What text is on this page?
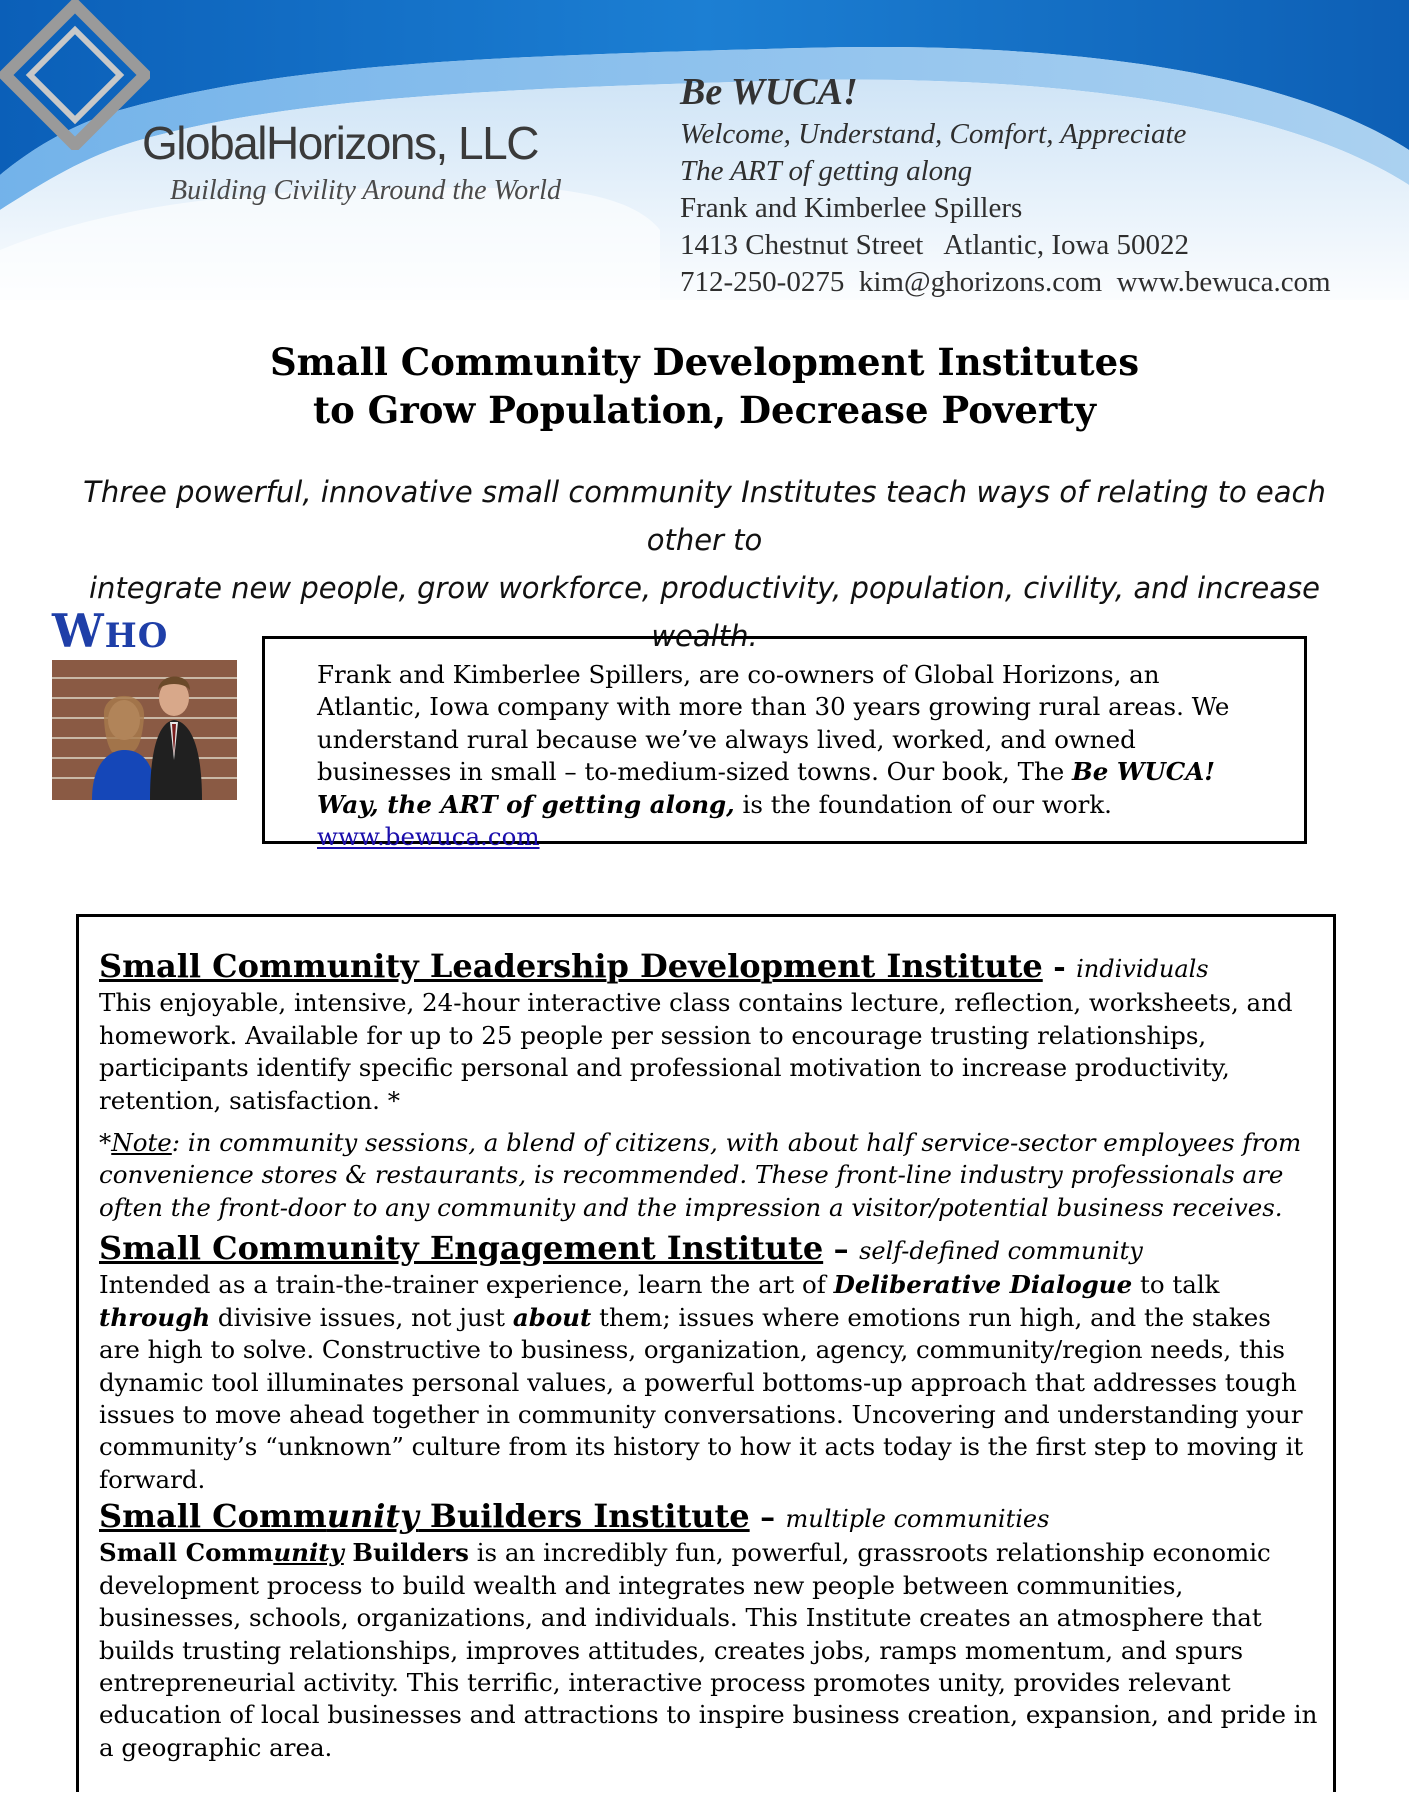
GlobalHorizons, LLC
Building Civility Around the World
Be WUCA!
Welcome, Understand, Comfort, Appreciate
The ART of getting along
Frank and Kimberlee Spillers
1413 Chestnut Street   Atlantic, Iowa 50022
712-250-0275  kim@ghorizons.com  www.bewuca.com
Small Community Development Institutes
to Grow Population, Decrease Poverty

Three powerful, innovative small community Institutes teach ways of relating to each other to
integrate new people, grow workforce, productivity, population, civility, and increase wealth.

WHO

Frank and Kimberlee Spillers, are co-owners of Global Horizons, an Atlantic, Iowa company with more than 30 years growing rural areas. We understand rural because we’ve always lived, worked, and owned businesses in small – to-medium-sized towns. Our book, The Be WUCA! Way, the ART of getting along, is the foundation of our work. www.bewuca.com

Small Community Leadership Development Institute - individuals

This enjoyable, intensive, 24-hour interactive class contains lecture, reflection, worksheets, and homework. Available for up to 25 people per session to encourage trusting relationships, participants identify specific personal and professional motivation to increase productivity, retention, satisfaction. *

*Note: in community sessions, a blend of citizens, with about half service-sector employees from convenience stores & restaurants, is recommended. These front-line industry professionals are often the front-door to any community and the impression a visitor/potential business receives.

Small Community Engagement Institute – self-defined community

Intended as a train-the-trainer experience, learn the art of Deliberative Dialogue to talk through divisive issues, not just about them; issues where emotions run high, and the stakes are high to solve. Constructive to business, organization, agency, community/region needs, this dynamic tool illuminates personal values, a powerful bottoms-up approach that addresses tough issues to move ahead together in community conversations. Uncovering and understanding your community’s “unknown” culture from its history to how it acts today is the first step to moving it forward.

Small Community Builders Institute – multiple communities

Small Community Builders is an incredibly fun, powerful, grassroots relationship economic development process to build wealth and integrates new people between communities, businesses, schools, organizations, and individuals. This Institute creates an atmosphere that builds trusting relationships, improves attitudes, creates jobs, ramps momentum, and spurs entrepreneurial activity. This terrific, interactive process promotes unity, provides relevant education of local businesses and attractions to inspire business creation, expansion, and pride in a geographic area.
